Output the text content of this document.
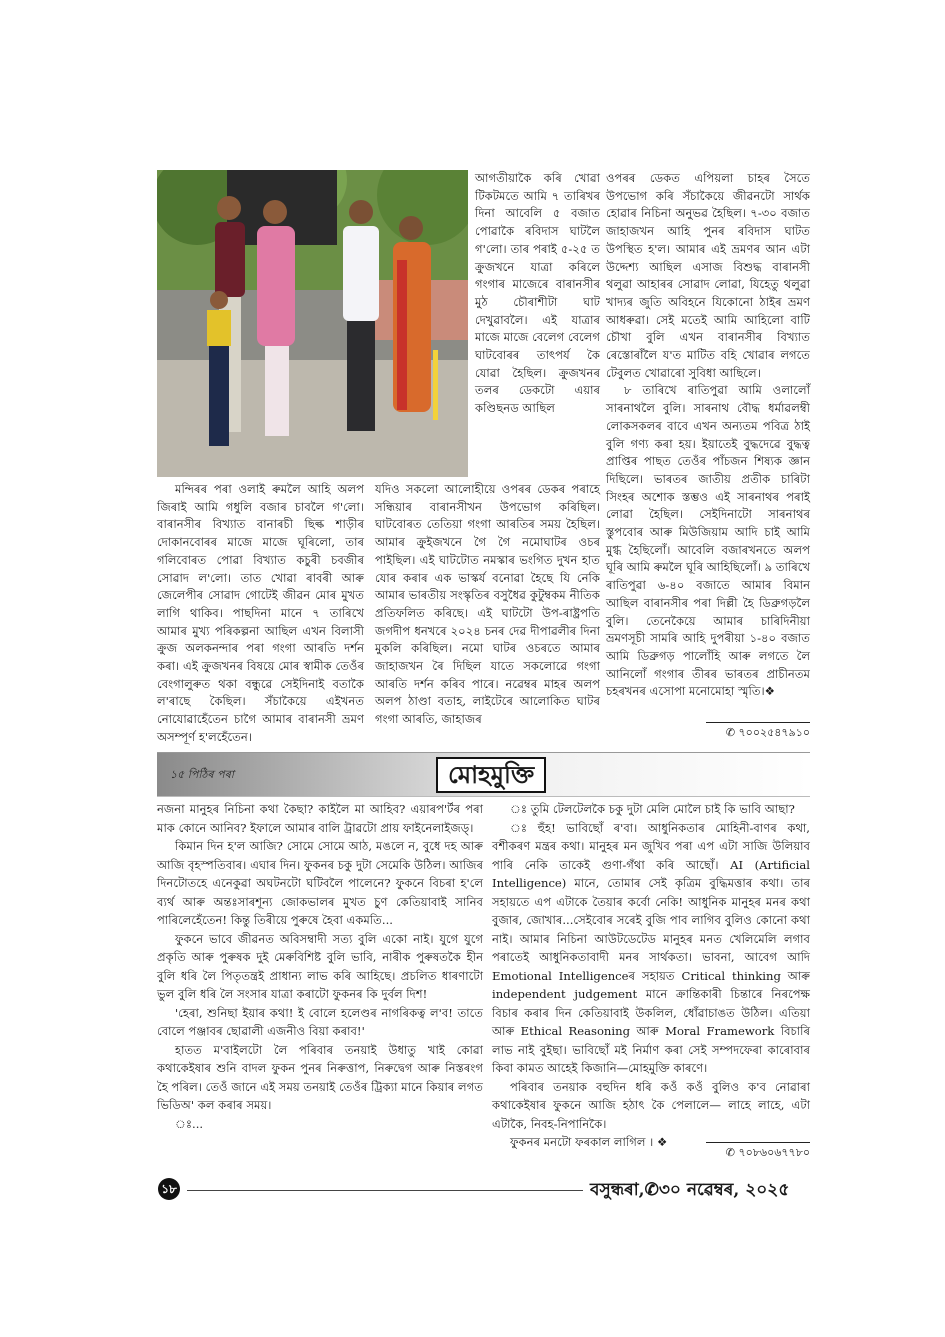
আগতীয়াকৈ কৰি খোৱা টিকটমতে আমি ৭ তাৰিখৰ দিনা আবেলি ৫ বজাত পোৱাকৈ ৰবিদাস ঘাটলৈ গ'লো। তাৰ পৰাই ৫-২৫ ত ক্ৰুজখনে যাত্ৰা কৰিলে গংগাৰ মাজেৰে বাৰানসীৰ মুঠ চৌৰাশীটা ঘাট দেখুৱাবলৈ। এই যাত্ৰাৰ মাজে মাজে বেলেগ বেলেগ ঘাটবোৰৰ তাৎপৰ্য কৈ যোৱা হৈছিল। ক্ৰুজখনৰ তলৰ ডেকটো এয়াৰ কণ্ডিছনড আছিল

মন্দিৰৰ পৰা ওলাই ৰুমলৈ আহি অলপ জিৰাই আমি গধুলি বজাৰ চাবলৈ গ'লো। বাৰানসীৰ বিখ্যাত বানাৰচী ছিল্ক শাড়ীৰ দোকানবোৰৰ মাজে মাজে ঘূৰিলো, তাৰ গলিবোৰত পোৱা বিখ্যাত কচুৰী চবজীৰ সোৱাদ ল'লো। তাত খোৱা ৰাবৰী আৰু জেলেপীৰ সোৱাদ গোটেই জীৱন মোৰ মুখত লাগি থাকিব। পাছদিনা মানে ৭ তাৰিখে আমাৰ মুখ্য পৰিকল্পনা আছিল এখন বিলাসী ক্ৰুজ অলকনন্দাৰ পৰা গংগা আৰতি দৰ্শন কৰা। এই ক্ৰুজখনৰ বিষয়ে মোৰ স্বামীক তেওঁৰ বেংগালুৰুত থকা বন্ধুৱে সেইদিনাই বতাকৈ ল'ৰাছে কৈছিল। সঁচাকৈয়ে এইখনত নোযোৱাহেঁতেন চাগৈ আমাৰ বাৰানসী ভ্ৰমণ অসম্পূৰ্ণ হ'লহেঁতেন।

যদিও সকলো আলোহীয়ে ওপৰৰ ডেকৰ পৰাহে সন্ধিয়াৰ বাৰানসীখন উপভোগ কৰিছিল। ঘাটবোৰত তেতিয়া গংগা আৰতিৰ সময় হৈছিল। আমাৰ ক্ৰুইজখনে গৈ গৈ নমোঘাটৰ ওচৰ পাইছিল। এই ঘাটটোত নমস্কাৰ ভংগিত দুখন হাত যোৰ কৰাৰ এক ভাস্কৰ্য বনোৱা হৈছে যি নেকি আমাৰ ভাৰতীয় সংস্কৃতিৰ বসুধৈৱ কুটুম্বকম নীতিক প্ৰতিফলিত কৰিছে। এই ঘাটটো উপ-ৰাষ্ট্ৰপতি জগদীপ ধনখৰে ২০২৪ চনৰ দেৱ দীপাৱলীৰ দিনা মুকলি কৰিছিল। নমো ঘাটৰ ওচৰতে আমাৰ জাহাজখন ৰৈ দিছিল যাতে সকলোৱে গংগা আৰতি দৰ্শন কৰিব পাৰে। নৱেম্বৰ মাহৰ অলপ অলপ ঠাণ্ডা বতাহ, লাইটেৰে আলোকিত ঘাটৰ গংগা আৰতি, জাহাজৰ

ওপৰৰ ডেকত এপিয়লা চাহৰ সৈতে উপভোগ কৰি সঁচাকৈয়ে জীৱনটো সাৰ্থক হোৱাৰ নিচিনা অনুভৱ হৈছিল। ৭-৩০ বজাত জাহাজখন আহি পুনৰ ৰবিদাস ঘাটত উপস্থিত হ'ল। আমাৰ এই ভ্ৰমণৰ আন এটা উদ্দেশ্য আছিল এসাজ বিশুদ্ধ বাৰানসী থলুৱা আহাৰৰ সোৱাদ লোৱা, যিহেতু থলুৱা খাদ্যৰ জুতি অবিহনে যিকোনো ঠাইৰ ভ্ৰমণ আধৰুৱা। সেই মতেই আমি আহিলো বাটি চৌখা বুলি এখন বাৰানসীৰ বিখ্যাত ৰেস্তোৰাঁলৈ য'ত মাটিত বহি খোৱাৰ লগতে টেবুলত খোৱাৰো সুবিধা আছিলে।

৮ তাৰিখে ৰাতিপুৱা আমি ওলালোঁ সাৰনাথলৈ বুলি। সাৰনাথ বৌদ্ধ ধৰ্মাৱলম্বী লোকসকলৰ বাবে এখন অন্যতম পবিত্ৰ ঠাই বুলি গণ্য কৰা হয়। ইয়াতেই বুদ্ধদেৱে বুদ্ধত্ব প্ৰাপ্তিৰ পাছত তেওঁৰ পাঁচজন শিষ্যক জ্ঞান দিছিলে। ভাৰতৰ জাতীয় প্ৰতীক চাৰিটা সিংহৰ অশোক স্তম্ভও এই সাৰনাথৰ পৰাই লোৱা হৈছিল। সেইদিনাটো সাৰনাথৰ স্তুপবোৰ আৰু মিউজিয়াম আদি চাই আমি মুগ্ধ হৈছিলোঁ। আবেলি বজাৰখনতে অলপ ঘূৰি আমি ৰুমলৈ ঘূৰি আহিছিলোঁ। ৯ তাৰিখে ৰাতিপুৱা ৬-৪০ বজাতে আমাৰ বিমান আছিল বাৰানসীৰ পৰা দিল্লী হৈ ডিব্ৰুগড়লৈ বুলি। তেনেকৈয়ে আমাৰ চাৰিদিনীয়া ভ্ৰমণসূচী সামৰি আহি দুপৰীয়া ১-৪০ বজাত আমি ডিব্ৰুগড় পালোঁহি আৰু লগতে লৈ আনিলোঁ গংগাৰ তীৰৰ ভাৰতৰ প্ৰাচীনতম চহৰখনৰ এসোপা মনোমোহা স্মৃতি।❖

✆ ৭০০২৫৪৭৯১০
১৫ পিঠিৰ পৰা	মোহমুক্তি

নজনা মানুহৰ নিচিনা কথা কৈছা? কাইলৈ মা আহিব? এয়াৰপ'ৰ্টৰ পৰা মাক কোনে আনিব? ইফালে আমাৰ বালি ট্ৰাৱটো প্ৰায় ফাইনেলাইজড্।

কিমান দিন হ'ল আজি? সোমে সোমে আঠ, মঙলে ন, বুধে দহ আৰু আজি বৃহস্পতিবাৰ। এঘাৰ দিন। ফুকনৰ চকু দুটা সেমেকি উঠিল। আজিৰ দিনটোতহে এনেকুৱা অঘটনটো ঘটিবলৈ পালেনে? ফুকনে বিচৰা হ'লে ব্যৰ্থ আৰু অন্তঃসাৰশূন্য জোকভালৰ মুখত চুণ কেতিয়াবাই সানিব পাৰিলেহেঁতেন! কিন্তু তিৰীয়ে পুৰুষে হৈবা একমতি...

ফুকনে ভাবে জীৱনত অবিসম্বাদী সত্য বুলি একো নাই। যুগে যুগে প্ৰকৃতি আৰু পুৰুষক দুই মেৰুবিশিষ্ট বুলি ভাবি, নাৰীক পুৰুষতকৈ হীন বুলি ধৰি লৈ পিতৃতন্ত্ৰই প্ৰাধান্য লাভ কৰি আহিছে। প্ৰচলিত ধাৰণাটো ভুল বুলি ধৰি লৈ সংসাৰ যাত্ৰা কৰাটো ফুকনৰ কি দুৰ্বল দিশ!

'হেৰা, শুনিছা ইয়াৰ কথা! ই বোলে হলেণ্ডৰ নাগৰিকত্ব ল'ব! তাতে বোলে পঞ্জাবৰ ছোৱালী এজনীও বিয়া কৰাব!'

হাতত ম'বাইলটো লৈ পৰিবাৰ তনয়াই উধাতু খাই কোৱা কথাকেইষাৰ শুনি বাদল ফুকন পুনৰ নিৰুত্তাপ, নিৰুদ্বেগ আৰু নিস্তৰংগ হৈ পৰিল। তেওঁ জানে এই সময় তনয়াই তেওঁৰ ট্ৰিক্যা মানে কিয়াৰ লগত ভিডিঅ' কল কৰাৰ সময়।

ঃ...

ঃ তুমি টেলটেলকৈ চকু দুটা মেলি মোলৈ চাই কি ভাবি আছা?

ঃ হুঁহ! ভাবিছোঁ ৰ'বা। আধুনিকতাৰ মোহিনী-বাণৰ কথা, বশীকৰণ মন্ত্ৰৰ কথা। মানুহৰ মন জুখিব পৰা এপ এটা সাজি উলিয়াব পাৰি নেকি তাকেই গুণা-গঁথা কৰি আছোঁ। AI (Artificial Intelligence) মানে, তোমাৰ সেই কৃত্ৰিম বুদ্ধিমত্তাৰ কথা। তাৰ সহায়তে এপ এটাকে তৈয়াৰ কৰ্বো নেকি! আধুনিক মানুহৰ মনৰ কথা বুজাৰ, জোখাৰ...সেইবোৰ সৰেই বুজি পাব লাগিব বুলিও কোনো কথা নাই। আমাৰ নিচিনা আউটডেটেড মানুহৰ মনত খেলিমেলি লগাব পৰাতেই আধুনিকতাবাদী মনৰ সাৰ্থকতা। ভাবনা, আবেগ আদি Emotional Intelligenceৰ সহায়ত Critical thinking আৰু independent judgement মানে ক্ৰান্তিকাৰী চিন্তাৰে নিৰপেক্ষ বিচাৰ কৰাৰ দিন কেতিয়াবাই উকলিল, ধোঁৱাচাঙত উঠিল। এতিয়া আৰু Ethical Reasoning আৰু Moral Framework বিচাৰি লাভ নাই বুইছা। ভাবিছোঁ মই নিৰ্মাণ কৰা সেই সম্পদফেৰা কাৰোবাৰ কিবা কামত আহেই কিজানি—মোহমুক্তি কাৰণে।

পৰিবাৰ তনয়াক বহুদিন ধৰি কওঁ কওঁ বুলিও ক'ব নোৱাৰা কথাকেইষাৰ ফুকনে আজি হঠাৎ কৈ পেলালে— লাহে লাহে, এটা এটাকৈ, নিবহ-নিপানিকৈ।

ফুকনৰ মনটো ফৰকাল লাগিল । ❖

✆ ৭০৮৬০৬৭৭৮০
১৮	বসুন্ধৰা,✆৩০ নৱেম্বৰ, ২০২৫
